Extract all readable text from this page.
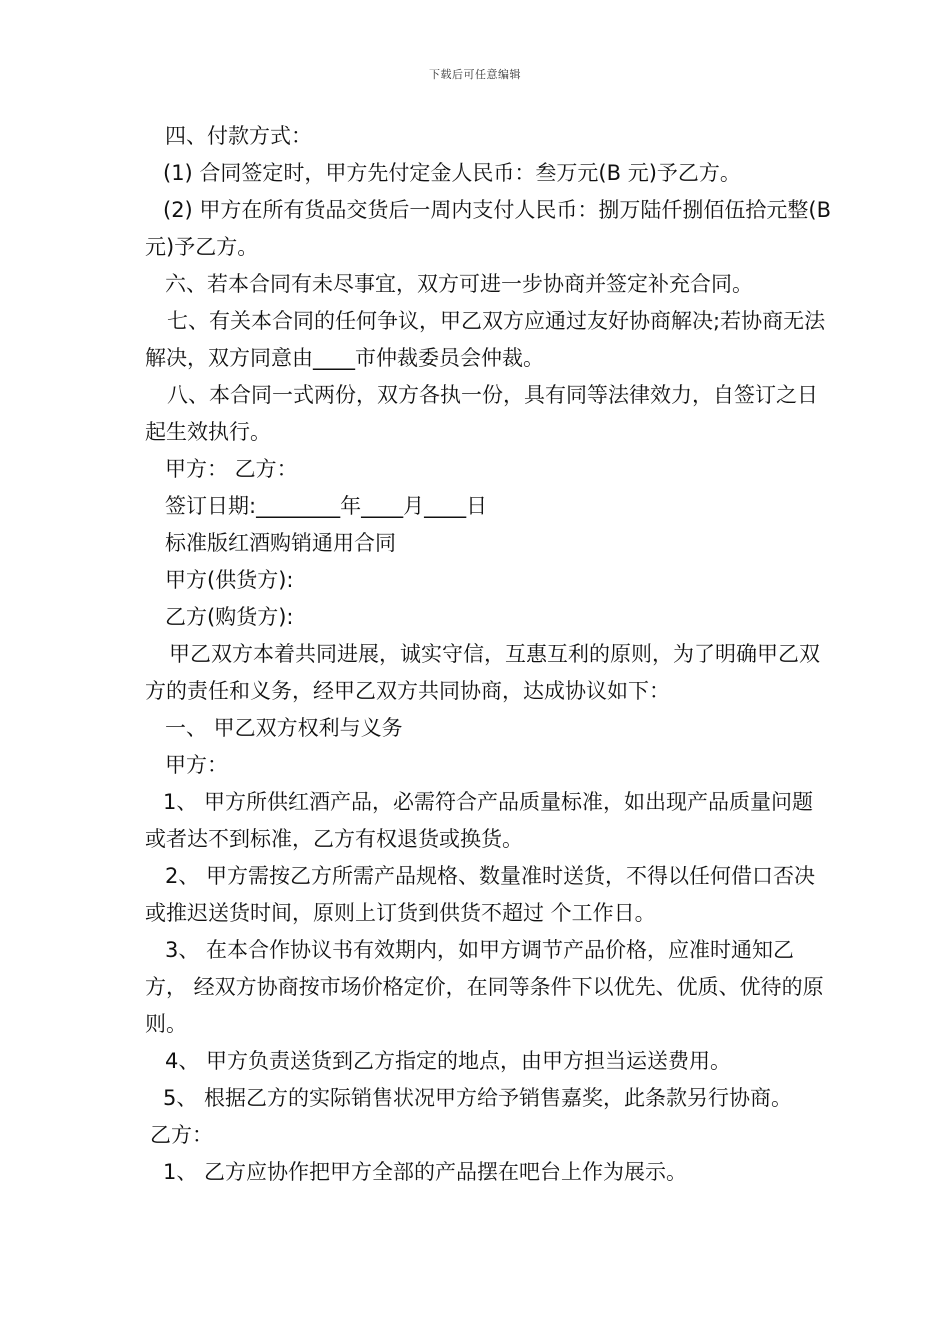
下载后可任意编辑

四、付款方式：

(1) 合同签定时，甲方先付定金人民币：叁万元(B 元)予乙方。

(2) 甲方在所有货品交货后一周内支付人民币：捌万陆仟捌佰伍拾元整(B 元)予乙方。

六、若本合同有未尽事宜，双方可进一步协商并签定补充合同。

七、有关本合同的任何争议，甲乙双方应通过友好协商解决;若协商无法解决，双方同意由____市仲裁委员会仲裁。

八、本合同一式两份，双方各执一份，具有同等法律效力，自签订之日起生效执行。

甲方： 乙方：

签订日期:________年____月____日

标准版红酒购销通用合同

甲方(供货方):

乙方(购货方):

甲乙双方本着共同进展，诚实守信，互惠互利的原则，为了明确甲乙双方的责任和义务，经甲乙双方共同协商，达成协议如下：

一、 甲乙双方权利与义务

甲方：

1、 甲方所供红酒产品，必需符合产品质量标准，如出现产品质量问题 或者达不到标准，乙方有权退货或换货。

2、 甲方需按乙方所需产品规格、数量准时送货，不得以任何借口否决 或推迟送货时间，原则上订货到供货不超过 个工作日。

3、 在本合作协议书有效期内，如甲方调节产品价格，应准时通知乙方， 经双方协商按市场价格定价，在同等条件下以优先、优质、优待的原则。

4、 甲方负责送货到乙方指定的地点，由甲方担当运送费用。

5、 根据乙方的实际销售状况甲方给予销售嘉奖，此条款另行协商。

乙方：

1、 乙方应协作把甲方全部的产品摆在吧台上作为展示。
